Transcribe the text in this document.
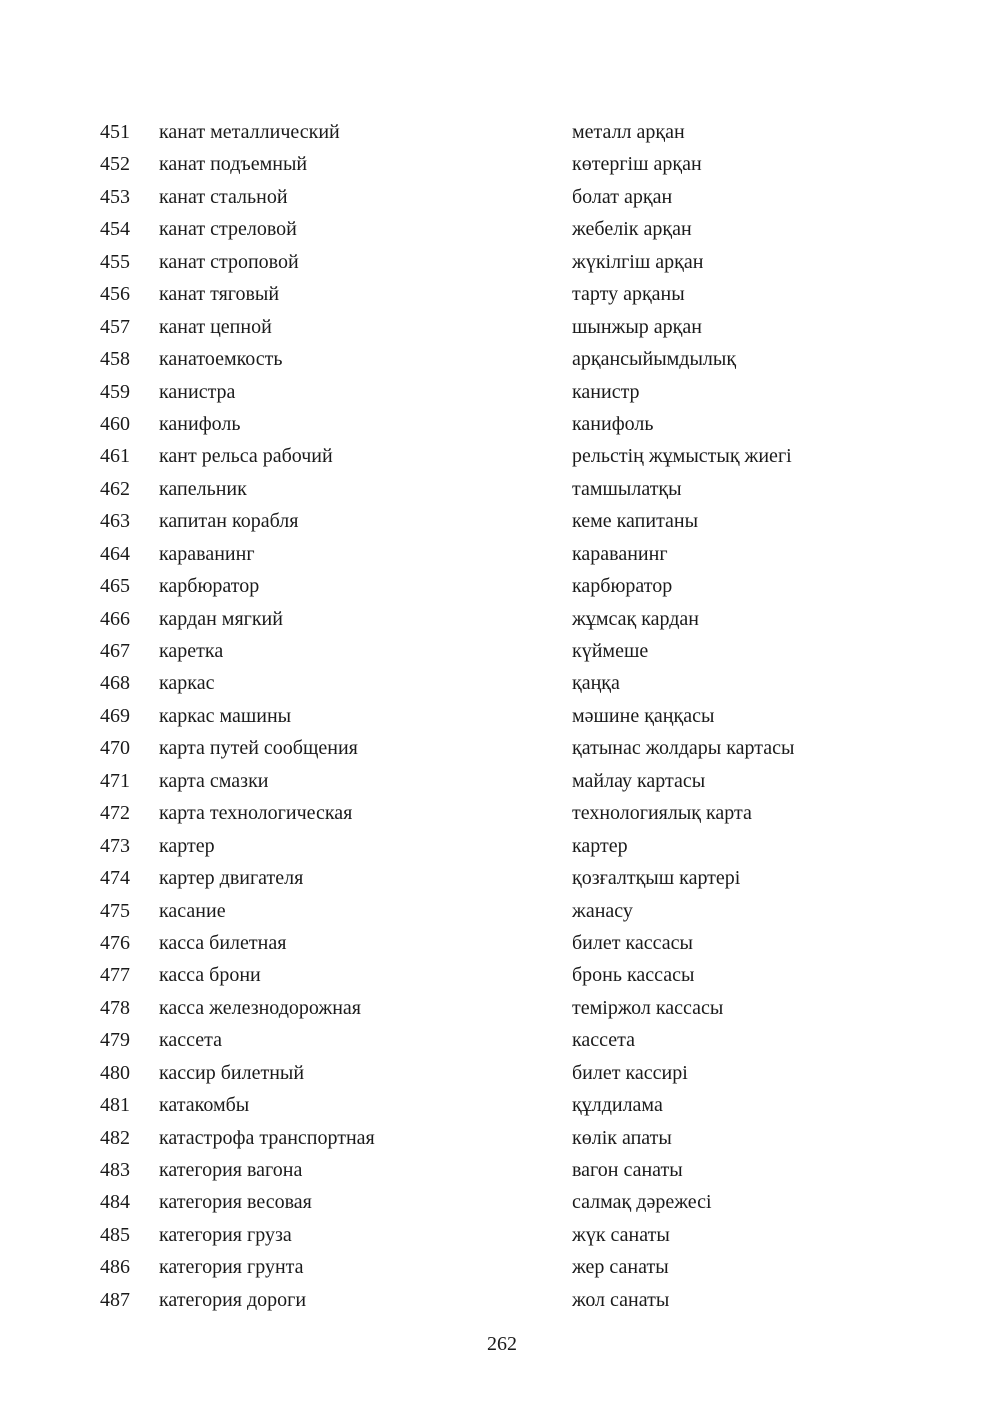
451 канат металлический	металл арқан
452 канат подъемный	көтергіш арқан
453 канат стальной	болат арқан
454 канат стреловой	жебелік арқан
455 канат строповой	жүкілгіш арқан
456 канат тяговый	тарту арқаны
457 канат цепной	шынжыр арқан
458 канатоемкость	арқансыйымдылық
459 канистра	канистр
460 канифоль	канифоль
461 кант рельса рабочий	рельстің жұмыстық жиегі
462 капельник	тамшылатқы
463 капитан корабля	кеме капитаны
464 караванинг	караванинг
465 карбюратор	карбюратор
466 кардан мягкий	жұмсақ кардан
467 каретка	күймеше
468 каркас	қаңқа
469 каркас машины	мәшине қаңқасы
470 карта путей сообщения	қатынас жолдары картасы
471 карта смазки	майлау картасы
472 карта технологическая	технологиялық карта
473 картер	картер
474 картер двигателя	қозғалтқыш картері
475 касание	жанасу
476 касса билетная	билет кассасы
477 касса брони	бронь кассасы
478 касса железнодорожная	теміржол кассасы
479 кассета	кассета
480 кассир билетный	билет кассирі
481 катакомбы	құлдилама
482 катастрофа транспортная	көлік апаты
483 категория вагона	вагон санаты
484 категория весовая	салмақ дәрежесі
485 категория груза	жүк санаты
486 категория грунта	жер санаты
487 категория дороги	жол санаты
262
